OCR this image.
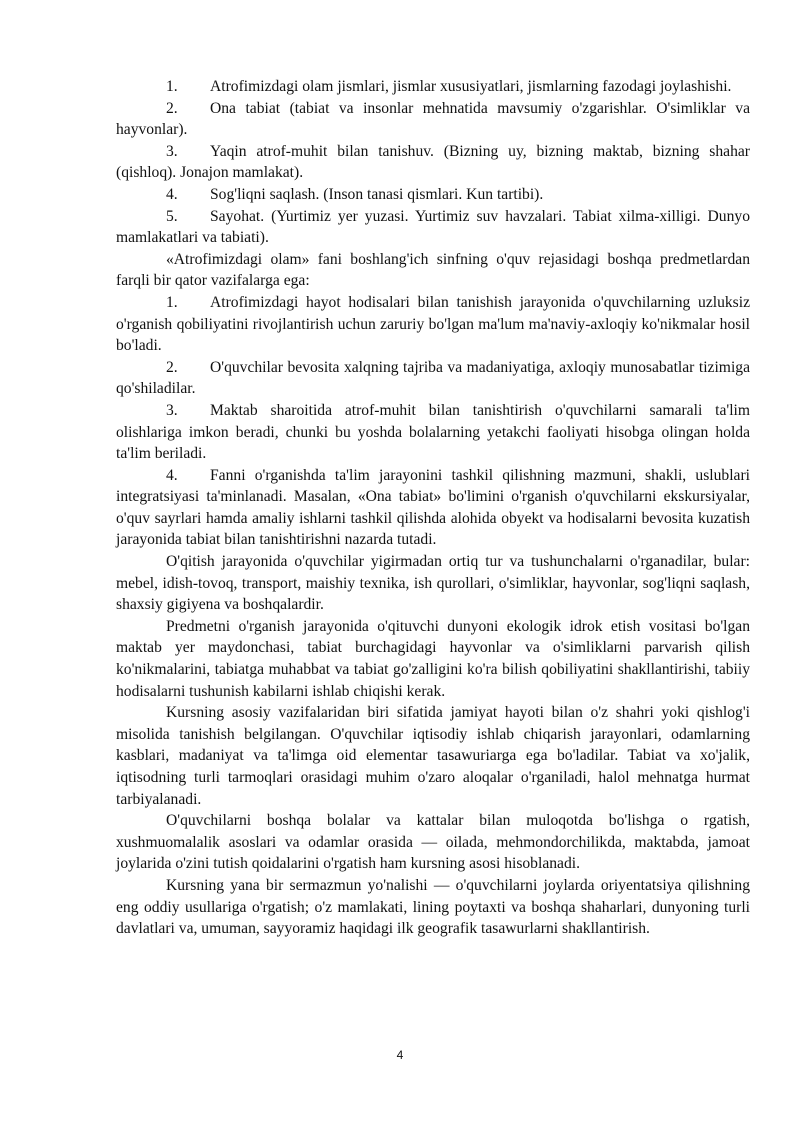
1. Atrofimizdagi olam jismlari, jismlar xususiyatlari, jismlarning fazodagi joylashishi.

2. Ona tabiat (tabiat va insonlar mehnatida mavsumiy o'zgarishlar. O'simliklar va hayvonlar).

3. Yaqin atrof-muhit bilan tanishuv. (Bizning uy, bizning maktab, bizning shahar (qishloq). Jonajon mamlakat).

4. Sog'liqni saqlash. (Inson tanasi qismlari. Kun tartibi).

5. Sayohat. (Yurtimiz yer yuzasi. Yurtimiz suv havzalari. Tabiat xilma-xilligi. Dunyo mamlakatlari va tabiati).

«Atrofimizdagi olam» fani boshlang'ich sinfning o'quv rejasidagi boshqa predmetlardan farqli bir qator vazifalarga ega:

1. Atrofimizdagi hayot hodisalari bilan tanishish jarayonida o'quvchilarning uzluksiz o'rganish qobiliyatini rivojlantirish uchun zaruriy bo'lgan ma'lum ma'naviy-axloqiy ko'nikmalar hosil bo'ladi.

2. O'quvchilar bevosita xalqning tajriba va madaniyatiga, axloqiy munosabatlar tizimiga qo'shiladilar.

3. Maktab sharoitida atrof-muhit bilan tanishtirish o'quvchilarni samarali ta'lim olishlariga imkon beradi, chunki bu yoshda bolalarning yetakchi faoliyati hisobga olingan holda ta'lim beriladi.

4. Fanni o'rganishda ta'lim jarayonini tashkil qilishning mazmuni, shakli, uslublari integratsiyasi ta'minlanadi. Masalan, «Ona tabiat» bo'limini o'rganish o'quvchilarni ekskursiyalar, o'quv sayrlari hamda amaliy ishlarni tashkil qilishda alohida obyekt va hodisalarni bevosita kuzatish jarayonida tabiat bilan tanishtirishni nazarda tutadi.

O'qitish jarayonida o'quvchilar yigirmadan ortiq tur va tushunchalarni o'rganadilar, bular: mebel, idish-tovoq, transport, maishiy texnika, ish qurollari, o'simliklar, hayvonlar, sog'liqni saqlash, shaxsiy gigiyena va boshqalardir.

Predmetni o'rganish jarayonida o'qituvchi dunyoni ekologik idrok etish vositasi bo'lgan maktab yer maydonchasi, tabiat burchagidagi hayvonlar va o'simliklarni parvarish qilish ko'nikmalarini, tabiatga muhabbat va tabiat go'zalligini ko'ra bilish qobiliyatini shakllantirishi, tabiiy hodisalarni tushunish kabilarni ishlab chiqishi kerak.

Kursning asosiy vazifalaridan biri sifatida jamiyat hayoti bilan o'z shahri yoki qishlog'i misolida tanishish belgilangan. O'quvchilar iqtisodiy ishlab chiqarish jarayonlari, odamlarning kasblari, madaniyat va ta'limga oid elementar tasawuriarga ega bo'ladilar. Tabiat va xo'jalik, iqtisodning turli tarmoqlari orasidagi muhim o'zaro aloqalar o'rganiladi, halol mehnatga hurmat tarbiyalanadi.

O'quvchilarni boshqa bolalar va kattalar bilan muloqotda bo'lishga o rgatish, xushmuomalalik asoslari va odamlar orasida — oilada, mehmondorchilikda, maktabda, jamoat joylarida o'zini tutish qoidalarini o'rgatish ham kursning asosi hisoblanadi.

Kursning yana bir sermazmun yo'nalishi — o'quvchilarni joylarda oriyentatsiya qilishning eng oddiy usullariga o'rgatish; o'z mamlakati, lining poytaxti va boshqa shaharlari, dunyoning turli davlatlari va, umuman, sayyoramiz haqidagi ilk geografik tasawurlarni shakllantirish.

4
